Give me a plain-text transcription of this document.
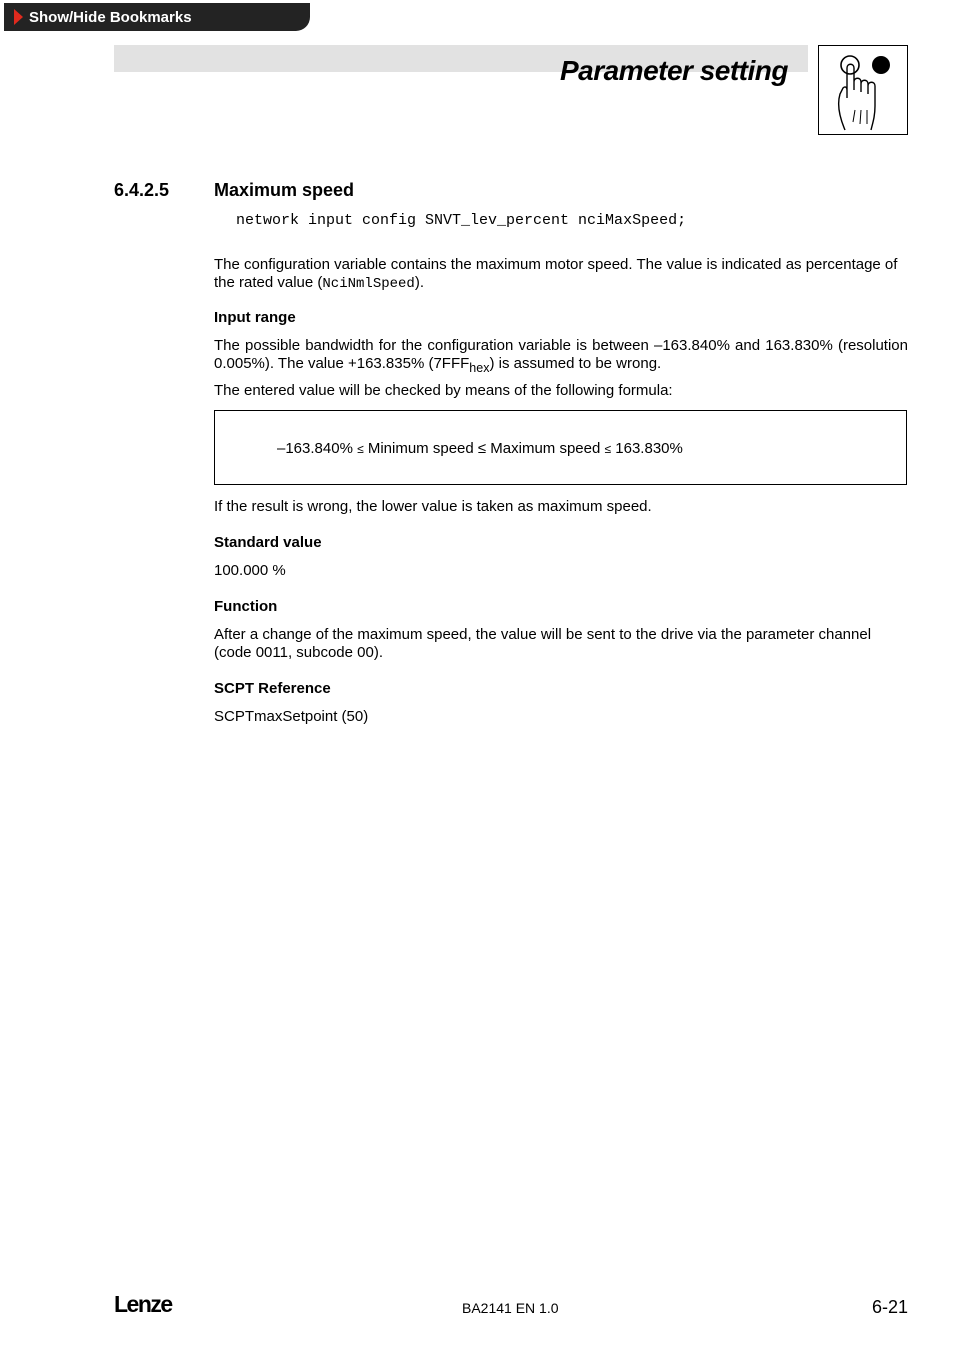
Show/Hide Bookmarks
Parameter setting
6.4.2.5 Maximum speed
network input config SNVT_lev_percent nciMaxSpeed;
The configuration variable contains the maximum motor speed. The value is indicated as percentage of the rated value (NciNmlSpeed).
Input range
The possible bandwidth for the configuration variable is between –163.840% and 163.830% (resolution 0.005%). The value +163.835% $(7FFF_{hex})$ is assumed to be wrong.
The entered value will be checked by means of the following formula:
–163.840% ≤ Minimum speed ≤ Maximum speed ≤ 163.830%
If the result is wrong, the lower value is taken as maximum speed.
Standard value
100.000 %
Function
After a change of the maximum speed, the value will be sent to the drive via the parameter channel (code 0011, subcode 00).
SCPT Reference
SCPTmaxSetpoint (50)
Lenze	BA2141 EN 1.0	6-21
